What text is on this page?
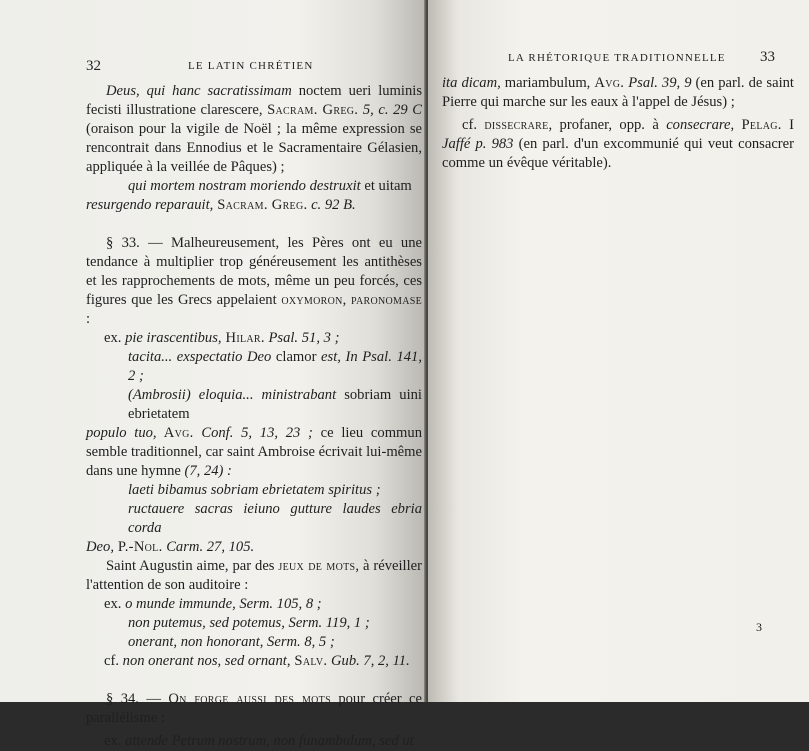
32	LE LATIN CHRÉTIEN

Deus, qui hanc sacratissimam noctem ueri luminis fecisti illustratione clarescere, Sacram. Greg. 5, c. 29 C (oraison pour la vigile de Noël ; la même expression se rencontrait dans Ennodius et le Sacramentaire Gélasien, appliquée à la veillée de Pâques) ;

qui mortem nostram moriendo destruxit et uitam

resurgendo reparauit, Sacram. Greg. c. 92 B.

§ 33. — Malheureusement, les Pères ont eu une tendance à multiplier trop généreusement les antithèses et les rapprochements de mots, même un peu forcés, ces figures que les Grecs appelaient oxymoron, paronomase :

ex. pie irascentibus, Hilar. Psal. 51, 3 ;

tacita... exspectatio Deo clamor est, In Psal. 141, 2 ;

(Ambrosii) eloquia... ministrabant sobriam uini ebrietatem

populo tuo, Avg. Conf. 5, 13, 23 ; ce lieu commun semble traditionnel, car saint Ambroise écrivait lui-même dans une hymne (7, 24) :

laeti bibamus sobriam ebrietatem spiritus ;

ructauere sacras ieiuno gutture laudes ebria corda

Deo, P.-Nol. Carm. 27, 105.

Saint Augustin aime, par des jeux de mots, à réveiller l'attention de son auditoire :

ex. o munde immunde, Serm. 105, 8 ;

non putemus, sed potemus, Serm. 119, 1 ;

onerant, non honorant, Serm. 8, 5 ;

cf. non onerant nos, sed ornant, Salv. Gub. 7, 2, 11.

§ 34. — On forge aussi des mots pour créer ce parallélisme :

ex. attende Petrum nostrum, non funambulum, sed ut

LA RHÉTORIQUE TRADITIONNELLE 33

ita dicam, mariambulum, Avg. Psal. 39, 9 (en parl. de saint Pierre qui marche sur les eaux à l'appel de Jésus) ;

cf. dissecrare, profaner, opp. à consecrare, Pelag. I Jaffé p. 983 (en parl. d'un excommunié qui veut consacrer comme un évêque véritable).

3
